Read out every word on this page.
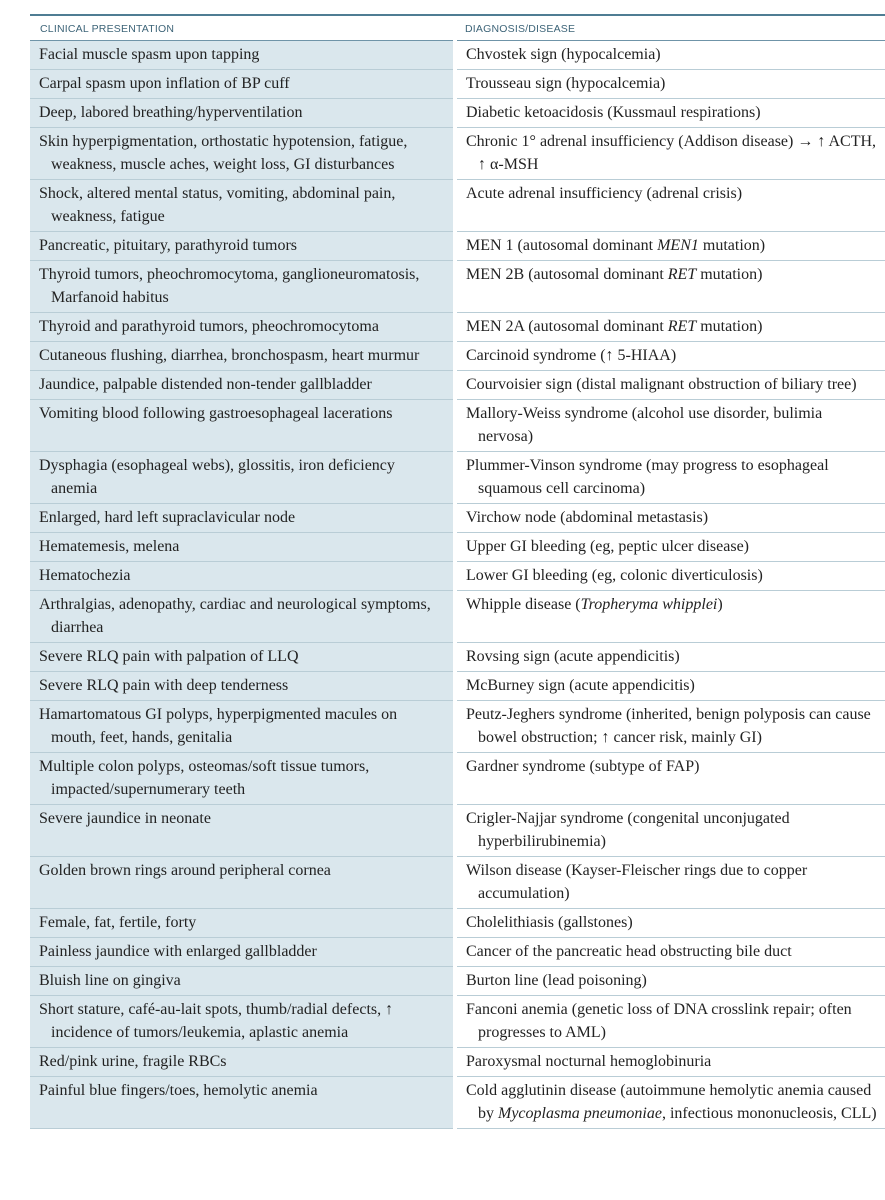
CLINICAL PRESENTATION	DIAGNOSIS/DISEASE

Facial muscle spasm upon tapping	Chvostek sign (hypocalcemia)

Carpal spasm upon inflation of BP cuff	Trousseau sign (hypocalcemia)

Deep, labored breathing/hyperventilation	Diabetic ketoacidosis (Kussmaul respirations)

Skin hyperpigmentation, orthostatic hypotension, fatigue, weakness, muscle aches, weight loss, GI disturbances	Chronic 1° adrenal insufficiency (Addison disease) → ↑ ACTH, ↑ α-MSH

Shock, altered mental status, vomiting, abdominal pain, weakness, fatigue	Acute adrenal insufficiency (adrenal crisis)

Pancreatic, pituitary, parathyroid tumors	MEN 1 (autosomal dominant MEN1 mutation)

Thyroid tumors, pheochromocytoma, ganglioneuromatosis, Marfanoid habitus	MEN 2B (autosomal dominant RET mutation)

Thyroid and parathyroid tumors, pheochromocytoma	MEN 2A (autosomal dominant RET mutation)

Cutaneous flushing, diarrhea, bronchospasm, heart murmur	Carcinoid syndrome (↑ 5-HIAA)

Jaundice, palpable distended non-tender gallbladder	Courvoisier sign (distal malignant obstruction of biliary tree)

Vomiting blood following gastroesophageal lacerations	Mallory-Weiss syndrome (alcohol use disorder, bulimia nervosa)

Dysphagia (esophageal webs), glossitis, iron deficiency anemia	Plummer-Vinson syndrome (may progress to esophageal squamous cell carcinoma)

Enlarged, hard left supraclavicular node	Virchow node (abdominal metastasis)

Hematemesis, melena	Upper GI bleeding (eg, peptic ulcer disease)

Hematochezia	Lower GI bleeding (eg, colonic diverticulosis)

Arthralgias, adenopathy, cardiac and neurological symptoms, diarrhea	Whipple disease (Tropheryma whipplei)

Severe RLQ pain with palpation of LLQ	Rovsing sign (acute appendicitis)

Severe RLQ pain with deep tenderness	McBurney sign (acute appendicitis)

Hamartomatous GI polyps, hyperpigmented macules on mouth, feet, hands, genitalia	Peutz-Jeghers syndrome (inherited, benign polyposis can cause bowel obstruction; ↑ cancer risk, mainly GI)

Multiple colon polyps, osteomas/soft tissue tumors, impacted/supernumerary teeth	Gardner syndrome (subtype of FAP)

Severe jaundice in neonate	Crigler-Najjar syndrome (congenital unconjugated hyperbilirubinemia)

Golden brown rings around peripheral cornea	Wilson disease (Kayser-Fleischer rings due to copper accumulation)

Female, fat, fertile, forty	Cholelithiasis (gallstones)

Painless jaundice with enlarged gallbladder	Cancer of the pancreatic head obstructing bile duct

Bluish line on gingiva	Burton line (lead poisoning)

Short stature, café-au-lait spots, thumb/radial defects, ↑ incidence of tumors/leukemia, aplastic anemia	Fanconi anemia (genetic loss of DNA crosslink repair; often progresses to AML)

Red/pink urine, fragile RBCs	Paroxysmal nocturnal hemoglobinuria

Painful blue fingers/toes, hemolytic anemia	Cold agglutinin disease (autoimmune hemolytic anemia caused by Mycoplasma pneumoniae, infectious mononucleosis, CLL)
